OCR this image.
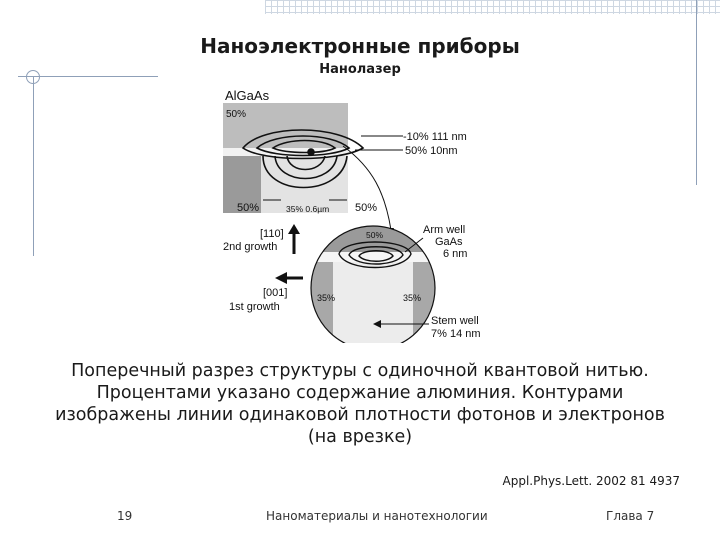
Наноэлектронные приборы
Нанолазер
AlGaAs
50%
-10% 111 nm
50% 10nm
50%	35% 0.6µm 50%
[110]
2nd growth
[001]
1st growth
50%
35%	35%
Arm well
GaAs
6 nm
Stem well
7% 14 nm
Поперечный разрез структуры с одиночной квантовой нитью. Процентами указано содержание алюминия. Контурами изображены линии одинаковой плотности фотонов и электронов (на врезке)
Appl.Phys.Lett. 2002 81 4937
19	Наноматериалы и нанотехнологии	Глава 7
